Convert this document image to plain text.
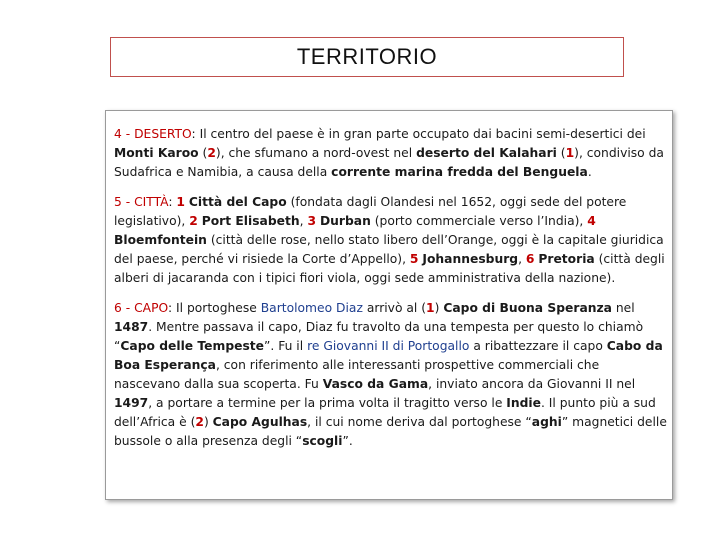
TERRITORIO

4 - DESERTO: Il centro del paese è in gran parte occupato dai bacini semi-desertici dei Monti Karoo (2), che sfumano a nord-ovest nel deserto del Kalahari (1), condiviso da Sudafrica e Namibia, a causa della corrente marina fredda del Benguela.

5 - CITTÀ: 1 Città del Capo (fondata dagli Olandesi nel 1652, oggi sede del potere legislativo), 2 Port Elisabeth, 3 Durban (porto commerciale verso l’India), 4 Bloemfontein (città delle rose, nello stato libero dell’Orange, oggi è la capitale giuridica del paese, perché vi risiede la Corte d’Appello), 5 Johannesburg, 6 Pretoria (città degli alberi di jacaranda con i tipici fiori viola, oggi sede amministrativa della nazione).

6 - CAPO: Il portoghese Bartolomeo Diaz arrivò al (1) Capo di Buona Speranza nel 1487. Mentre passava il capo, Diaz fu travolto da una tempesta per questo lo chiamò “Capo delle Tempeste”. Fu il re Giovanni II di Portogallo a ribattezzare il capo Cabo da Boa Esperança, con riferimento alle interessanti prospettive commerciali che nascevano dalla sua scoperta. Fu Vasco da Gama, inviato ancora da Giovanni II nel 1497, a portare a termine per la prima volta il tragitto verso le Indie. Il punto più a sud dell’Africa è (2) Capo Agulhas, il cui nome deriva dal portoghese “aghi” magnetici delle bussole o alla presenza degli “scogli”.
